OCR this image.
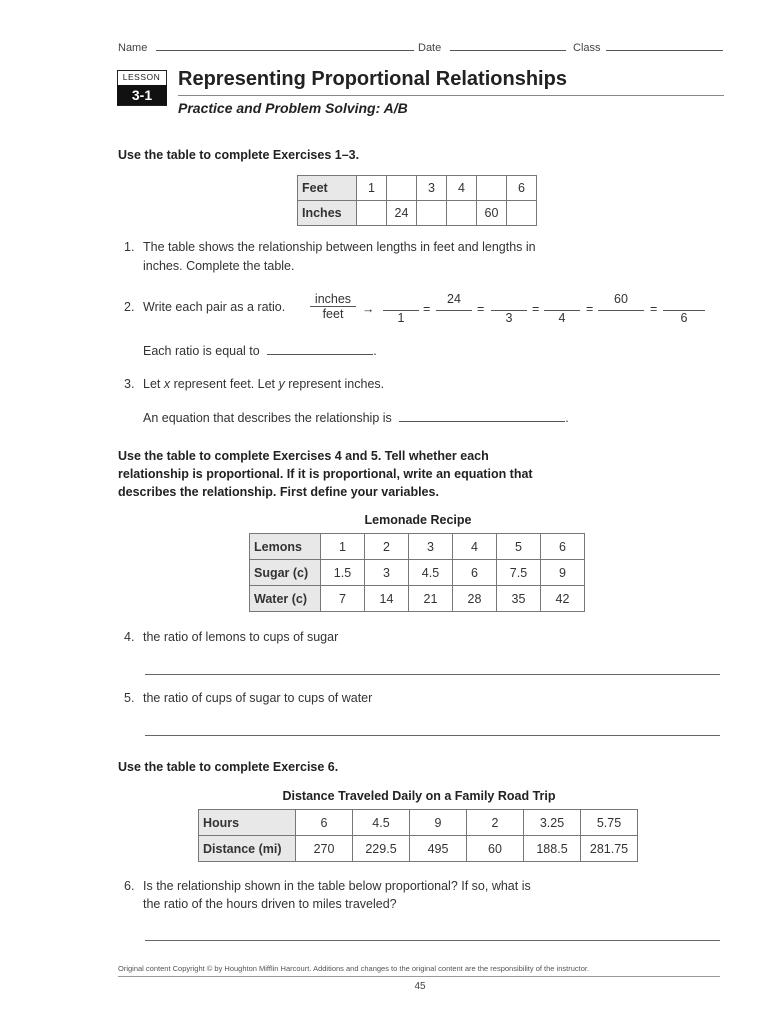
Name	Date	Class
LESSON
3-1
Representing Proportional Relationships
Practice and Problem Solving: A/B
Use the table to complete Exercises 1–3.
Feet	1		3	4		6
Inches		24			60	
1. The table shows the relationship between lengths in feet and lengths in
inches. Complete the table.
2. Write each pair as a ratio.
inches
feet	→
1
=
24
=
3
=
4
=
60
=
6
Each ratio is equal to	.
3. Let x represent feet. Let y represent inches.
An equation that describes the relationship is	.
Use the table to complete Exercises 4 and 5. Tell whether each
relationship is proportional. If it is proportional, write an equation that
describes the relationship. First define your variables.
Lemonade Recipe
Lemons	1	2	3	4	5	6
Sugar (c)	1.5	3	4.5	6	7.5	9
Water (c)	7	14	21	28	35	42
4. the ratio of lemons to cups of sugar
5. the ratio of cups of sugar to cups of water
Use the table to complete Exercise 6.
Distance Traveled Daily on a Family Road Trip
Hours	6	4.5	9	2	3.25	5.75
Distance (mi)	270	229.5	495	60	188.5	281.75
6. Is the relationship shown in the table below proportional? If so, what is
the ratio of the hours driven to miles traveled?
Original content Copyright © by Houghton Mifflin Harcourt. Additions and changes to the original content are the responsibility of the instructor.
45
